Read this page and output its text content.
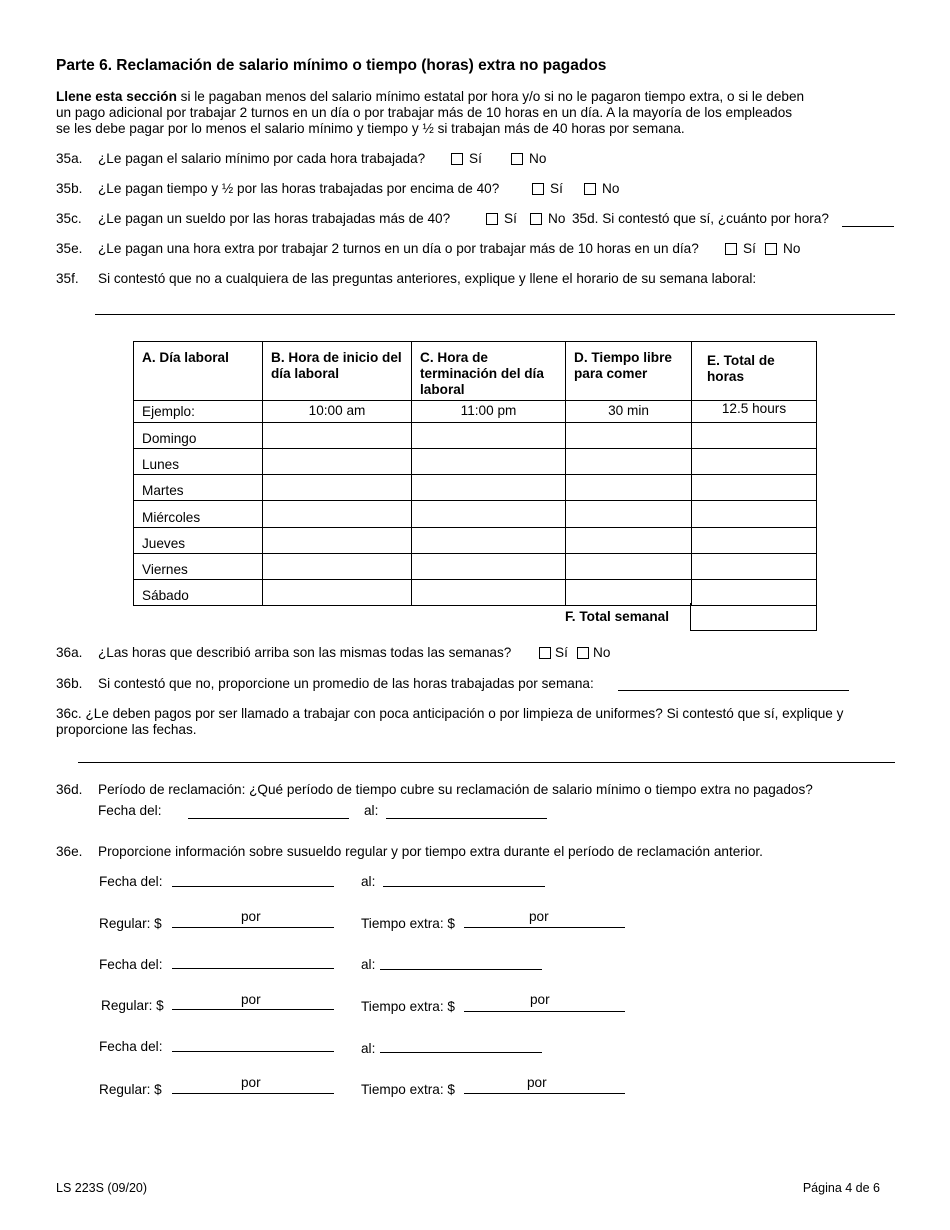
Parte 6. Reclamación de salario mínimo o tiempo (horas) extra no pagados
Llene esta sección si le pagaban menos del salario mínimo estatal por hora y/o si no le pagaron tiempo extra, o si le deben
un pago adicional por trabajar 2 turnos en un día o por trabajar más de 10 horas en un día. A la mayoría de los empleados
se les debe pagar por lo menos el salario mínimo y tiempo y ½ si trabajan más de 40 horas por semana.
35a. ¿Le pagan el salario mínimo por cada hora trabajada?	Sí	No
35b. ¿Le pagan tiempo y ½ por las horas trabajadas por encima de 40?	Sí	No
35c. ¿Le pagan un sueldo por las horas trabajadas más de 40?	Sí	No 35d. Si contestó que sí, ¿cuánto por hora?
35e. ¿Le pagan una hora extra por trabajar 2 turnos en un día o por trabajar más de 10 horas en un día?	Sí	No
35f. Si contestó que no a cualquiera de las preguntas anteriores, explique y llene el horario de su semana laboral:
A. Día laboral	B. Hora de inicio del día laboral	C. Hora de terminación del día laboral	D. Tiempo libre para comer	E. Total de horas
Ejemplo:	10:00 am	11:00 pm	30 min	12.5 hours
Domingo				
Lunes				
Martes				
Miércoles				
Jueves				
Viernes				
Sábado				
F. Total semanal
36a. ¿Las horas que describió arriba son las mismas todas las semanas?	Sí	No
36b. Si contestó que no, proporcione un promedio de las horas trabajadas por semana:
36c. ¿Le deben pagos por ser llamado a trabajar con poca anticipación o por limpieza de uniformes? Si contestó que sí, explique y
proporcione las fechas.
36d. Período de reclamación: ¿Qué período de tiempo cubre su reclamación de salario mínimo o tiempo extra no pagados?
Fecha del:	al:
36e. Proporcione información sobre susueldo regular y por tiempo extra durante el período de reclamación anterior.
Fecha del:	al:
Regular: $	por	Tiempo extra: $	por
Fecha del:	al:
Regular: $	por	Tiempo extra: $	por
Fecha del:	al:
Regular: $	por	Tiempo extra: $	por
LS 223S (09/20)	Página 4 de 6
